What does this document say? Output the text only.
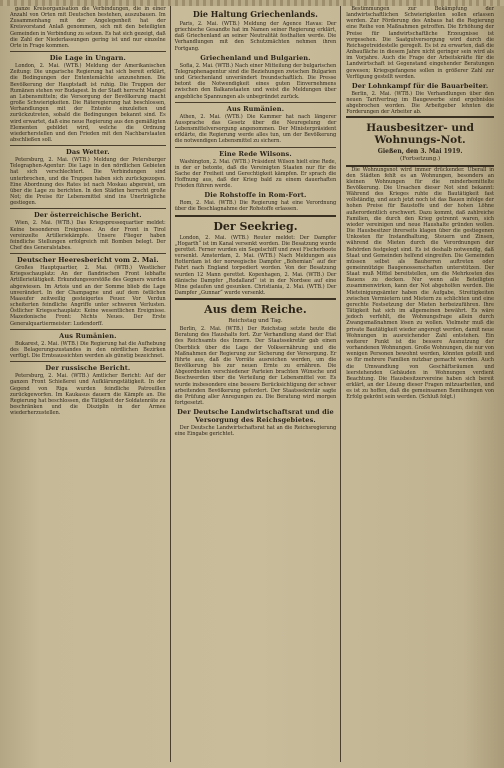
ganze Kreisorganisation die Verbindungen, die in einer Anzahl von Orten mit Deutschen bestehen, auszubauen. Im Zusammenhang mit der Angelegenheit hat der Kreisvorstand Anlaß genommen, sich mit den beteiligten Gemeinden in Verbindung zu setzen. Es hat sich gezeigt, daß die Zahl der Niederlassungen gering ist und nur einzelne Orte in Frage kommen.

Die Lage in Ungarn.

London, 2. Mai. (WTB.) Meldung der Amerikanischen Zeitung: Die ungarische Regierung hat sich bereit erklärt, die Bedingungen der Ententemächte anzunehmen. Die Bevölkerung der Hauptstadt ist ruhig. Die Truppen der Rumänen stehen vor Budapest. In der Stadt herrscht Mangel an Lebensmitteln; die Versorgung der Bevölkerung macht große Schwierigkeiten. Die Räteregierung hat beschlossen, Verhandlungen mit der Entente einzuleiten und zurückzutreten, sobald die Bedingungen bekannt sind. Es wird erwartet, daß eine neue Regierung aus den gemäßigten Elementen gebildet wird, welche die Ordnung wiederherstellen und den Frieden mit den Nachbarstaaten abschließen soll.

Das Wetter.

Petersburg, 2. Mai. (WTB.) Meldung der Petersburger Telegraphen-Agentur: Die Lage in den nördlichen Gebieten hat sich verschlechtert. Die Verbindungen sind unterbrochen, und die Truppen haben sich zurückgezogen. Eine Abordnung des Rates ist nach Moskau abgereist, um über die Lage zu berichten. In den Städten herrscht große Not; die Preise für Lebensmittel sind ins Unerträgliche gestiegen.

Der österreichische Bericht.

Wien, 2. Mai. (WTB.) Das Kriegspressequartier meldet: Keine besonderen Ereignisse. An der Front in Tirol vereinzelte Artilleriekämpfe. Unsere Flieger haben feindliche Stellungen erfolgreich mit Bomben belegt. Der Chef des Generalstabes.

Deutscher Heeresbericht vom 2. Mai.

Großes Hauptquartier, 2. Mai. (WTB.) Westlicher Kriegsschauplatz: An der flandrischen Front lebhafte Artillerietätigkeit. Erkundungsvorstöße des Gegners wurden abgewiesen. Im Artois und an der Somme blieb die Lage unverändert. In der Champagne und auf dem östlichen Maasufer zeitweilig gesteigertes Feuer. Vor Verdun scheiterten feindliche Angriffe unter schweren Verlusten. Östlicher Kriegsschauplatz: Keine wesentlichen Ereignisse. Mazedonische Front: Nichts Neues. Der Erste Generalquartiermeister: Ludendorff.

Aus Rumänien.

Bukarest, 2. Mai. (WTB.) Die Regierung hat die Aufhebung des Belagerungszustandes in den nördlichen Bezirken verfügt. Die Ernteaussichten werden als günstig bezeichnet.

Der russische Bericht.

Petersburg, 2. Mai. (WTB.) Amtlicher Bericht: Auf der ganzen Front Schießerei und Aufklärungstätigkeit. In der Gegend von Riga wurden feindliche Patrouillen zurückgeworfen. Im Kaukasus dauern die Kämpfe an. Die Regierung hat beschlossen, die Tätigkeit der Soldatenräte zu beschränken und die Disziplin in der Armee wiederherzustellen.

Die Haltung Griechenlands.

Paris, 2. Mai. (WTB.) Meldung der Agence Havas: Der griechische Gesandte hat im Namen seiner Regierung erklärt, daß Griechenland an seiner Neutralität festhalten werde. Die Verhandlungen mit den Schutzmächten nehmen ihren Fortgang.

Griechenland und Bulgarien.

Sofia, 2. Mai. (WTB.) Nach einer Mitteilung der bulgarischen Telegraphenagentur sind die Beziehungen zwischen Bulgarien und Griechenland unverändert freundschaftlich. Die Presse betont die Notwendigkeit eines guten Einvernehmens zwischen den Balkanstaaten und weist die Meldungen über angebliche Spannungen als unbegründet zurück.

Aus Rumänien.

Athen, 2. Mai. (WTB.) Die Kammer hat nach längerer Aussprache das Gesetz über die Neuregelung der Lebensmittelversorgung angenommen. Der Ministerpräsident erklärte, die Regierung werde alles tun, um der Bevölkerung die notwendigen Lebensmittel zu sichern.

Eine Rede Wilsons.

Washington, 2. Mai. (WTB.) Präsident Wilson hielt eine Rede, in der er betonte, daß die Vereinigten Staaten nur für die Sache der Freiheit und Gerechtigkeit kämpfen. Er sprach die Hoffnung aus, daß der Krieg bald zu einem dauerhaften Frieden führen werde.

Die Rohstoffe in Rom-Fort.

Rom, 2. Mai. (WTB.) Die Regierung hat eine Verordnung über die Beschlagnahme der Rohstoffe erlassen.

Der Seekrieg.

London, 2. Mai. (WTB.) Reuter meldet: Der Dampfer „Hogarth“ ist im Kanal versenkt worden. Die Besatzung wurde gerettet. Ferner wurden ein Segelschiff und zwei Fischerboote versenkt. Amsterdam, 2. Mai. (WTB.) Nach Meldungen aus Rotterdam ist der norwegische Dampfer „Bohemian“ auf der Fahrt nach England torpediert worden. Von der Besatzung wurden 12 Mann gerettet. Kopenhagen, 2. Mai. (WTB.) Der dänische Dampfer „Rodalland“ ist in der Nordsee auf eine Mine gelaufen und gesunken. Christiania, 2. Mai. (WTB.) Der Dampfer „Gunnar“ wurde versenkt.

Aus dem Reiche.
Reichstag und Tag.

Berlin, 2. Mai. (WTB.) Der Reichstag setzte heute die Beratung des Haushalts fort. Zur Verhandlung stand der Etat des Reichsamts des Innern. Der Staatssekretär gab einen Überblick über die Lage der Volksernährung und die Maßnahmen der Regierung zur Sicherung der Versorgung. Er führte aus, daß die Vorräte ausreichen werden, um die Bevölkerung bis zur neuen Ernte zu ernähren. Die Abgeordneten verschiedener Parteien brachten Wünsche und Beschwerden über die Verteilung der Lebensmittel vor. Es wurde insbesondere eine bessere Berücksichtigung der schwer arbeitenden Bevölkerung gefordert. Der Staatssekretär sagte die Prüfung aller Anregungen zu. Die Beratung wird morgen fortgesetzt.

Der Deutsche Landwirtschaftsrat und die Versorgung des Reichsgebietes.

Der Deutsche Landwirtschaftsrat hat an die Reichsregierung eine Eingabe gerichtet.

Bestimmungen zur Bekämpfung der landwirtschaftlichen Schwierigkeiten sollen erlassen werden. Zur Förderung des Anbaus hat die Regierung eine Reihe von Maßnahmen getroffen. Die Erhöhung der Preise für landwirtschaftliche Erzeugnisse ist vorgesehen. Die Saatgutversorgung wird durch die Reichsgetreidestelle geregelt. Es ist zu erwarten, daß die Anbaufläche in diesem Jahre nicht geringer sein wird als im Vorjahre. Auch die Frage der Arbeitskräfte für die Landwirtschaft ist Gegenstand eingehender Beratungen gewesen; Kriegsgefangene sollen in größerer Zahl zur Verfügung gestellt werden.

Der Lohnkampf für die Bauarbeiter.

Berlin, 2. Mai. (WTB.) Die Verhandlungen über den neuen Tarifvertrag im Baugewerbe sind ergebnislos abgebrochen worden. Die Arbeitgeber lehnten die Forderungen der Arbeiter ab.

Hausbesitzer- und Wohnungs-Not.
Gießen, den 3. Mai 1919.
(Fortsetzung.)

Die Wohnungsnot wird immer drückender. Überall in den Städten fehlt es an Wohnungen, besonders an kleinen Wohnungen für die minderbemittelte Bevölkerung. Die Ursachen dieser Not sind bekannt: Während des Krieges ruhte die Bautätigkeit fast vollständig, und auch jetzt noch ist das Bauen infolge der hohen Preise für Baustoffe und der hohen Löhne außerordentlich erschwert. Dazu kommt, daß zahlreiche Familien, die durch den Krieg getrennt waren, sich wieder vereinigen und neue Haushalte gründen wollen. Die Hausbesitzer ihrerseits klagen über die gestiegenen Unkosten für Instandhaltung, Steuern und Zinsen, während die Mieten durch die Verordnungen der Behörden festgelegt sind. Es ist deshalb notwendig, daß Staat und Gemeinden helfend eingreifen. Die Gemeinden müssen selbst als Bauherren auftreten oder gemeinnützige Baugenossenschaften unterstützen. Der Staat muß Mittel bereitstellen, um die Mehrkosten des Bauens zu decken. Nur wenn alle Beteiligten zusammenwirken, kann der Not abgeholfen werden. Die Mieteinigungsämter haben die Aufgabe, Streitigkeiten zwischen Vermietern und Mietern zu schlichten und eine gerechte Festsetzung der Mieten herbeizuführen. Ihre Tätigkeit hat sich im allgemeinen bewährt. Es wäre jedoch verfehlt, die Wohnungsfrage allein durch Zwangsmaßnahmen lösen zu wollen. Vielmehr muß die private Bautätigkeit wieder angeregt werden, damit neue Wohnungen in ausreichender Zahl entstehen. Ein weiterer Punkt ist die bessere Ausnutzung der vorhandenen Wohnungen. Große Wohnungen, die nur von wenigen Personen bewohnt werden, könnten geteilt und so für mehrere Familien nutzbar gemacht werden. Auch die Umwandlung von Geschäftsräumen und leerstehenden Gebäuden in Wohnungen verdient Beachtung. Die Hausbesitzervereine haben sich bereit erklärt, an der Lösung dieser Fragen mitzuarbeiten, und es ist zu hoffen, daß die gemeinsamen Bemühungen von Erfolg gekrönt sein werden. (Schluß folgt.)
